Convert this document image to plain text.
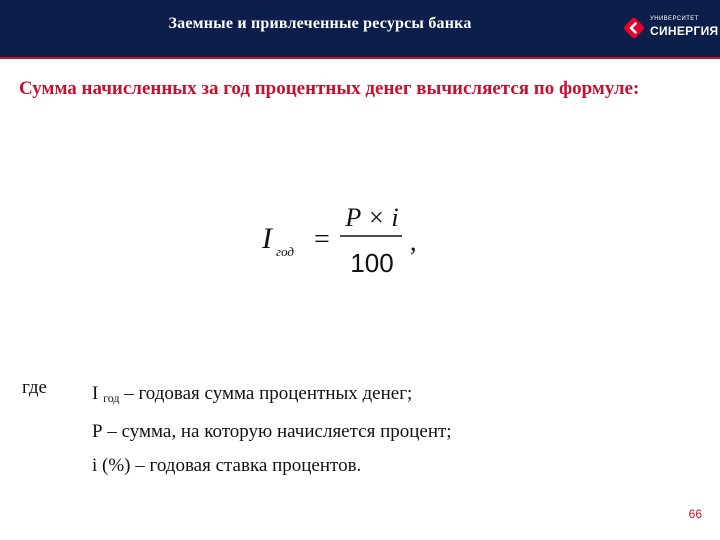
Заемные и привлеченные ресурсы банка	УНИВЕРСИТЕТ
СИНЕРГИЯ
Сумма начисленных за год процентных денег вычисляется по формуле:
I год =
P × i
100
,
где I $_{год}$ – годовая сумма процентных денег;
Р – сумма, на которую начисляется процент;
i (%) – годовая ставка процентов.
66
